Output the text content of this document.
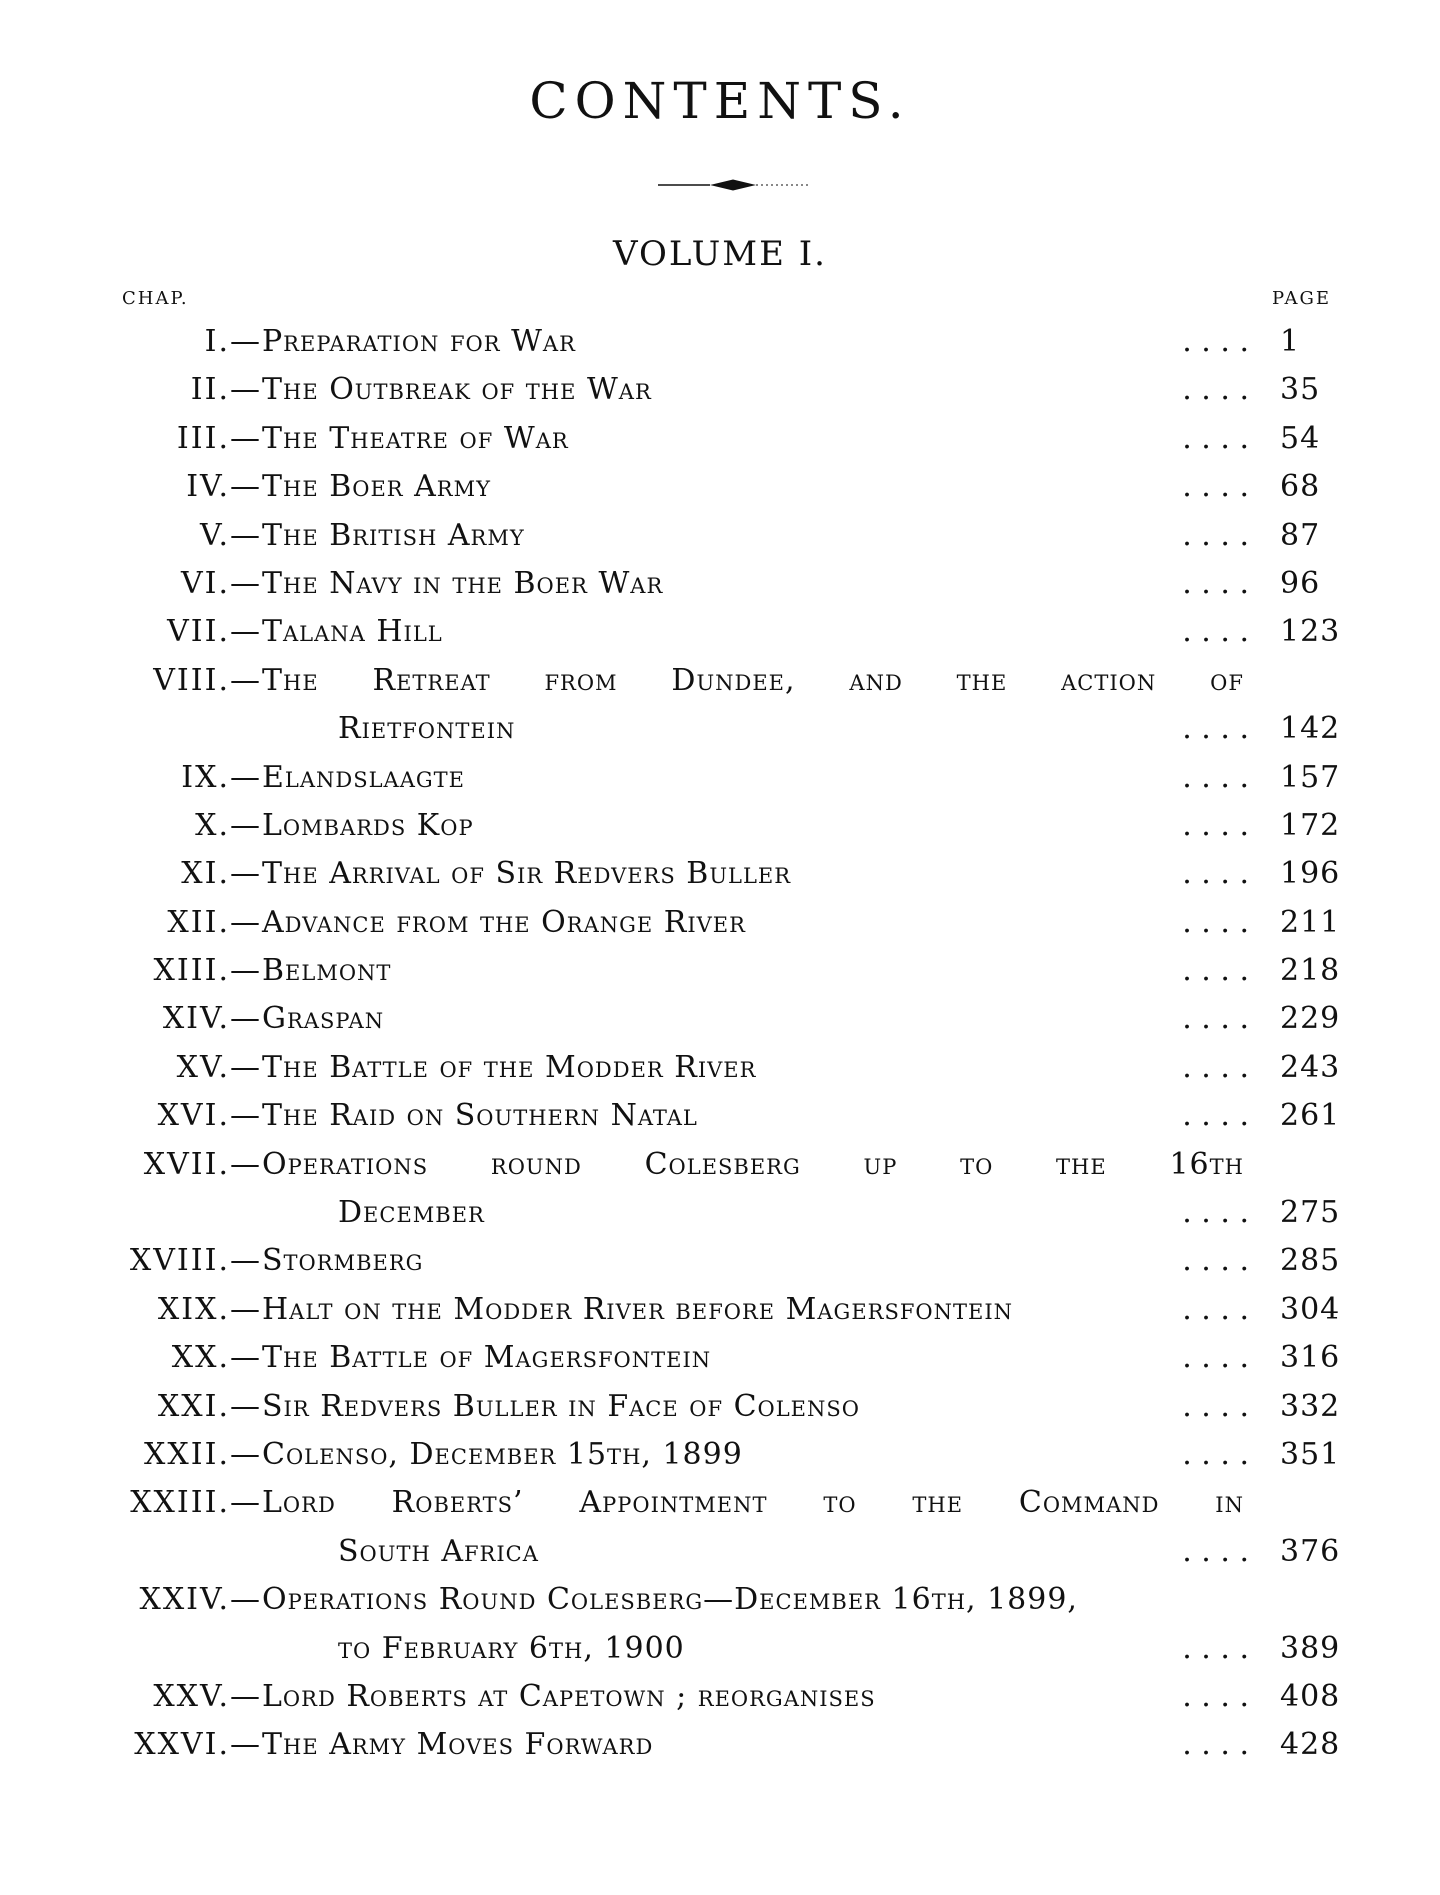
CONTENTS.
VOLUME I.
CHAP.	PAGE
I.— Preparation for War	. . . . 1
II.— The Outbreak of the War	. . . . 35
III.— The Theatre of War	. . . . 54
IV.— The Boer Army	. . . . 68
V.— The British Army	. . . . 87
VI.— The Navy in the Boer War	. . . . 96
VII.— Talana Hill	. . . . 123
VIII.— The Retreat from Dundee, and the action of
Rietfontein	. . . . 142
IX.— Elandslaagte	. . . . 157
X.— Lombards Kop	. . . . 172
XI.— The Arrival of Sir Redvers Buller	. . . . 196
XII.— Advance from the Orange River	. . . . 211
XIII.— Belmont	. . . . 218
XIV.— Graspan	. . . . 229
XV.— The Battle of the Modder River	. . . . 243
XVI.— The Raid on Southern Natal	. . . . 261
XVII.— Operations round Colesberg up to the 16th
December	. . . . 275
XVIII.— Stormberg	. . . . 285
XIX.— Halt on the Modder River before Magersfontein	. . . . 304
XX.— The Battle of Magersfontein	. . . . 316
XXI.— Sir Redvers Buller in Face of Colenso	. . . . 332
XXII.— Colenso, December 15th, 1899	. . . . 351
XXIII.— Lord Roberts’ Appointment to the Command in
South Africa	. . . . 376
XXIV.— Operations Round Colesberg—December 16th, 1899,
to February 6th, 1900	. . . . 389
XXV.— Lord Roberts at Capetown ; reorganises	. . . . 408
XXVI.— The Army Moves Forward	. . . . 428
